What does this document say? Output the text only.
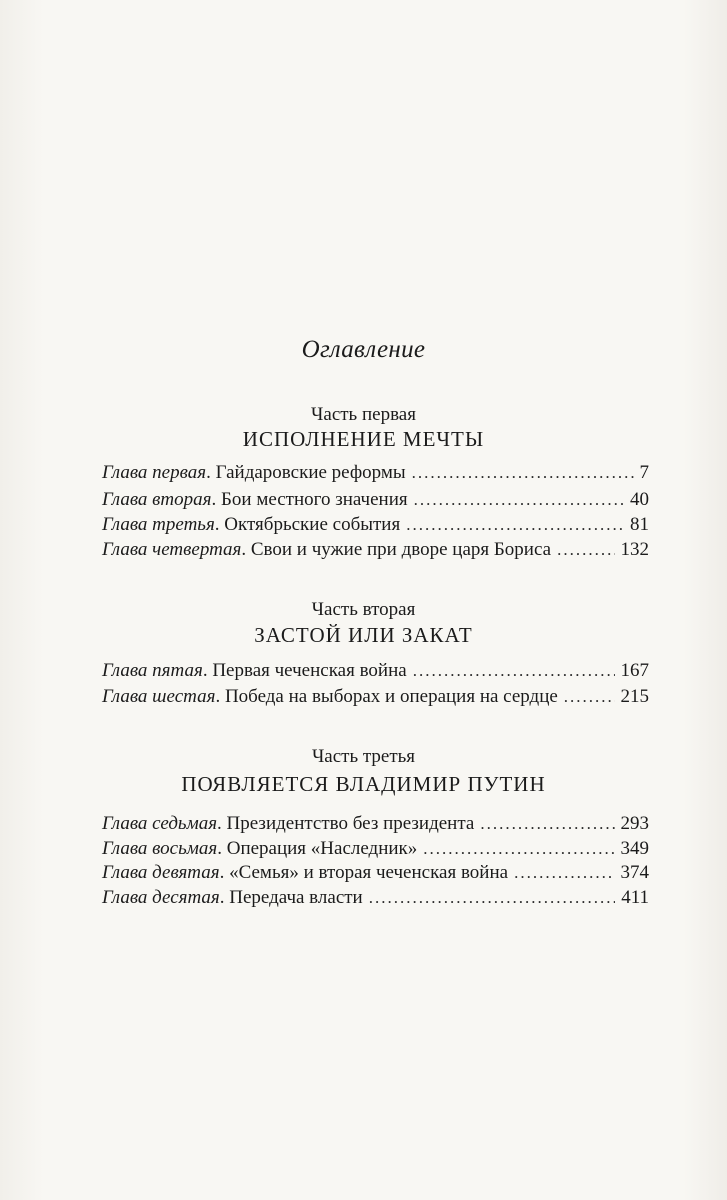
Оглавление
Часть первая
ИСПОЛНЕНИЕ МЕЧТЫ
Глава первая . Гайдаровские реформы .....	7
Глава вторая . Бои местного значения .....	40
Глава третья . Октябрьские события .....	81
Глава четвертая . Свои и чужие при дворе царя Бориса .....	132
Часть вторая
ЗАСТОЙ ИЛИ ЗАКАТ
Глава пятая . Первая чеченская война .....	167
Глава шестая . Победа на выборах и операция на сердце .....	215
Часть третья
ПОЯВЛЯЕТСЯ ВЛАДИМИР ПУТИН
Глава седьмая . Президентство без президента .....	293
Глава восьмая . Операция «Наследник» .....	349
Глава девятая . «Семья» и вторая чеченская война .....	374
Глава десятая . Передача власти .....	411
